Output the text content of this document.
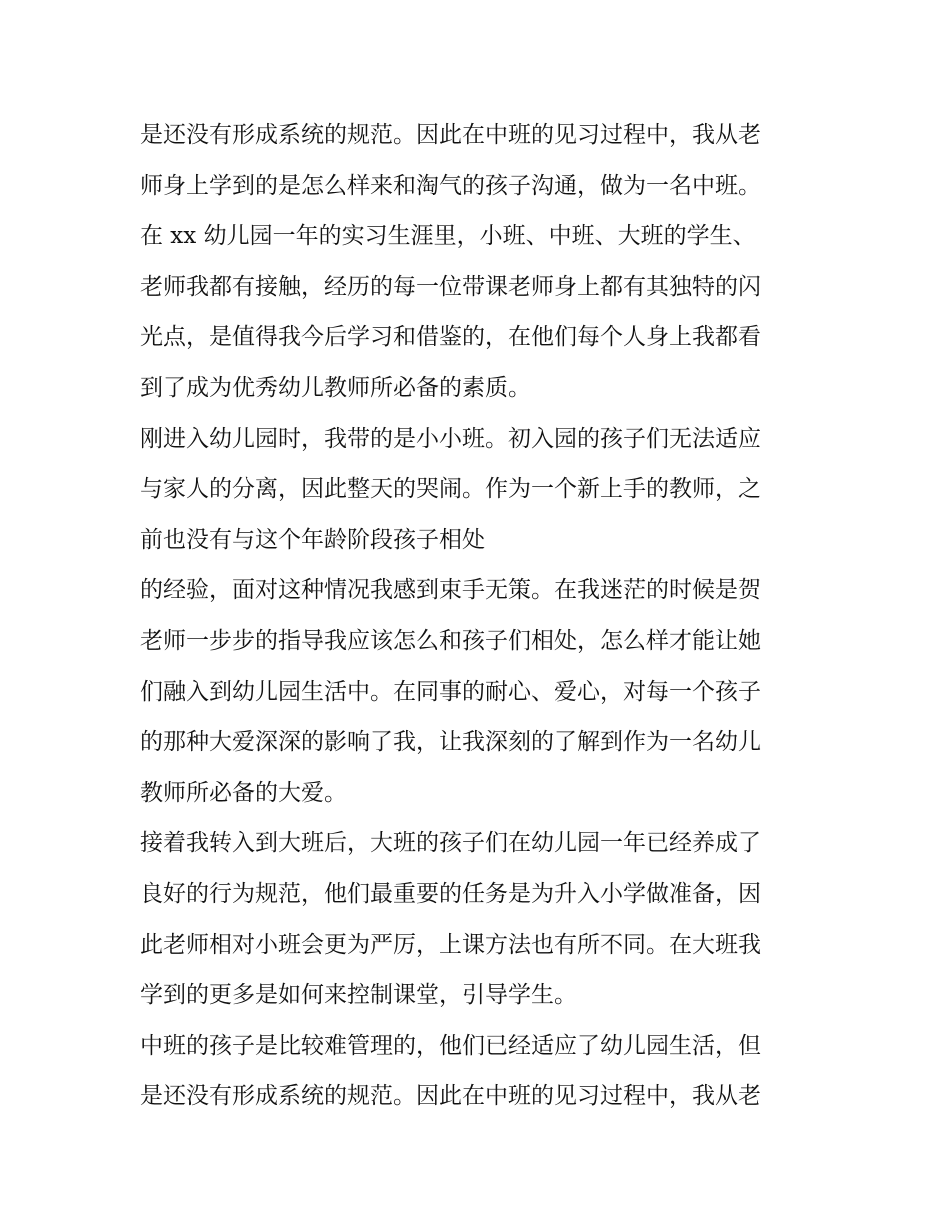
是还没有形成系统的规范。因此在中班的见习过程中，我从老
师身上学到的是怎么样来和淘气的孩子沟通，做为一名中班。
在 xx 幼儿园一年的实习生涯里，小班、中班、大班的学生、
老师我都有接触，经历的每一位带课老师身上都有其独特的闪
光点，是值得我今后学习和借鉴的，在他们每个人身上我都看
到了成为优秀幼儿教师所必备的素质。
刚进入幼儿园时，我带的是小小班。初入园的孩子们无法适应
与家人的分离，因此整天的哭闹。作为一个新上手的教师，之
前也没有与这个年龄阶段孩子相处
的经验，面对这种情况我感到束手无策。在我迷茫的时候是贺
老师一步步的指导我应该怎么和孩子们相处，怎么样才能让她
们融入到幼儿园生活中。在同事的耐心、爱心，对每一个孩子
的那种大爱深深的影响了我，让我深刻的了解到作为一名幼儿
教师所必备的大爱。
接着我转入到大班后，大班的孩子们在幼儿园一年已经养成了
良好的行为规范，他们最重要的任务是为升入小学做准备，因
此老师相对小班会更为严厉，上课方法也有所不同。在大班我
学到的更多是如何来控制课堂，引导学生。
中班的孩子是比较难管理的，他们已经适应了幼儿园生活，但
是还没有形成系统的规范。因此在中班的见习过程中，我从老
